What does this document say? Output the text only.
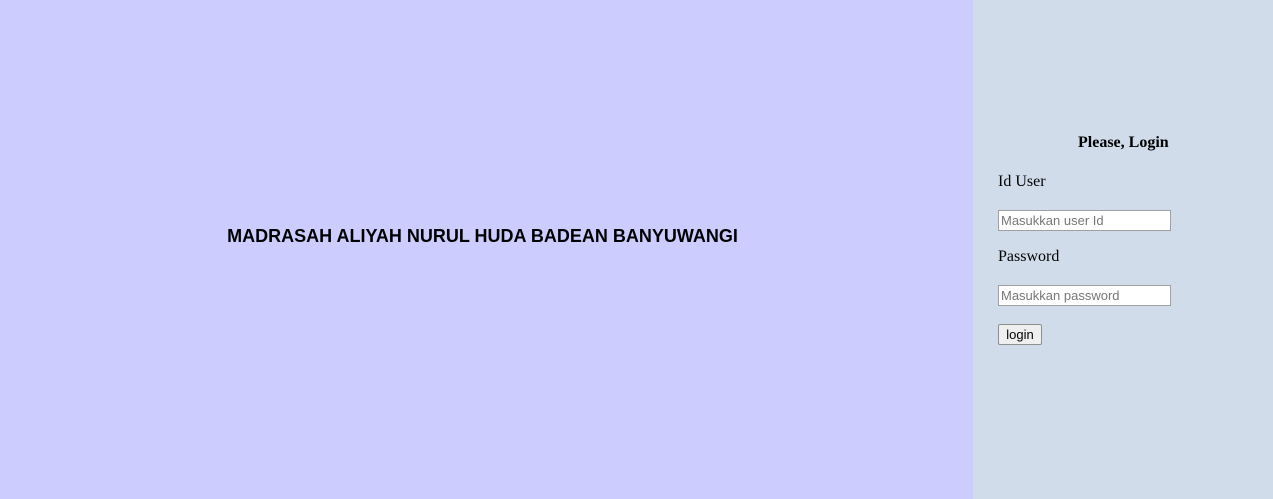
MADRASAH ALIYAH NURUL HUDA BADEAN BANYUWANGI

Please, Login

Id User

Masukkan user Id

Password

login
